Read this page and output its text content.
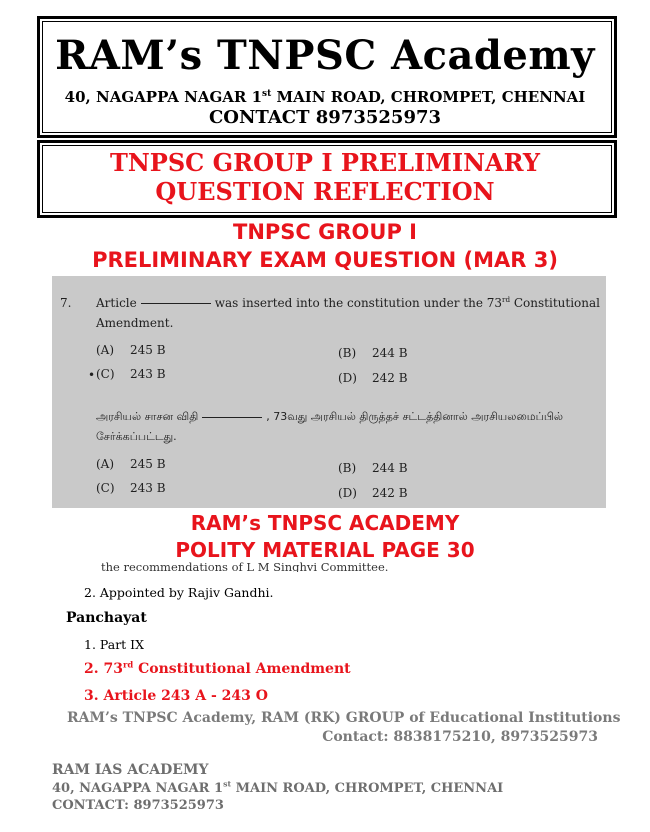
RAM’s TNPSC Academy
40, NAGAPPA NAGAR 1st MAIN ROAD, CHROMPET, CHENNAI
CONTACT 8973525973
TNPSC GROUP I PRELIMINARY
QUESTION REFLECTION
TNPSC GROUP I
PRELIMINARY EXAM QUESTION (MAR 3)
7. Article	was inserted into the constitution under the 73rd Constitutional
Amendment.
(A) 245 B	(B) 244 B
• (C) 243 B	(D) 242 B
அரசியல் சாசன விதி	, 73வது அரசியல் திருத்தச் சட்டத்தினால் அரசியலமைப்பில்
சேர்க்கப்பட்டது.
(A) 245 B	(B) 244 B
(C) 243 B	(D) 242 B
RAM’s TNPSC ACADEMY
POLITY MATERIAL PAGE 30
the recommendations of L M Singhvi Committee.
2. Appointed by Rajiv Gandhi.
Panchayat
1. Part IX
2. 73rd Constitutional Amendment
3. Article 243 A - 243 O
RAM’s TNPSC Academy, RAM (RK) GROUP of Educational Institutions
Contact: 8838175210, 8973525973
RAM IAS ACADEMY
40, NAGAPPA NAGAR 1st MAIN ROAD, CHROMPET, CHENNAI
CONTACT: 8973525973
